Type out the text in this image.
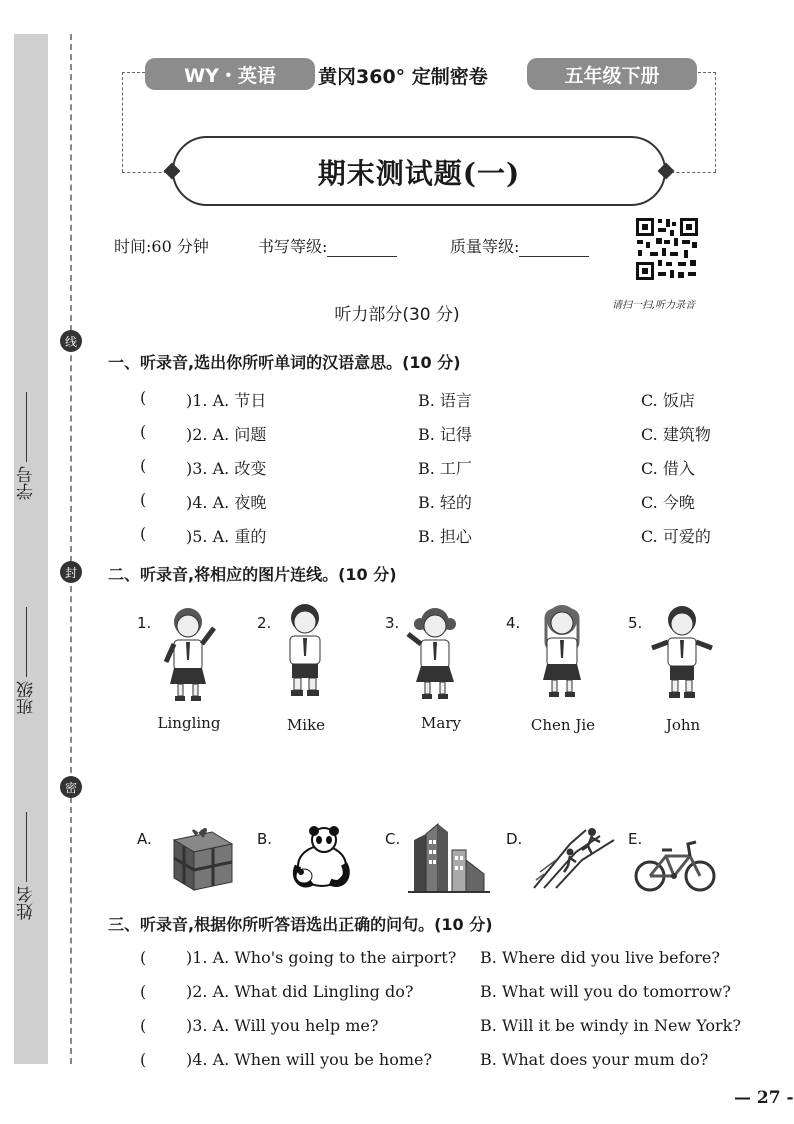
学号
班级
姓名
线
封
密
WY・英语	黄冈360° 定制密卷	五年级下册
期末测试题(一)
时间:60 分钟	书写等级:	质量等级:
请扫一扫,听力录音
听力部分(30 分)
一、听录音,选出你所听单词的汉语意思。(10 分)
( )1. A. 节日	B. 语言	C. 饭店
( )2. A. 问题	B. 记得	C. 建筑物
( )3. A. 改变	B. 工厂	C. 借入
( )4. A. 夜晚	B. 轻的	C. 今晚
( )5. A. 重的	B. 担心	C. 可爱的
二、听录音,将相应的图片连线。(10 分)
1.	2.	3.	4.	5.
Lingling	Mike	Mary	Chen Jie	John
A.	B.	C.	D.	E.
三、听录音,根据你所听答语选出正确的问句。(10 分)
( )1. A. Who's going to the airport? B. Where did you live before?
( )2. A. What did Lingling do?	B. What will you do tomorrow?
( )3. A. Will you help me?	B. Will it be windy in New York?
( )4. A. When will you be home?	B. What does your mum do?
— 27 -
